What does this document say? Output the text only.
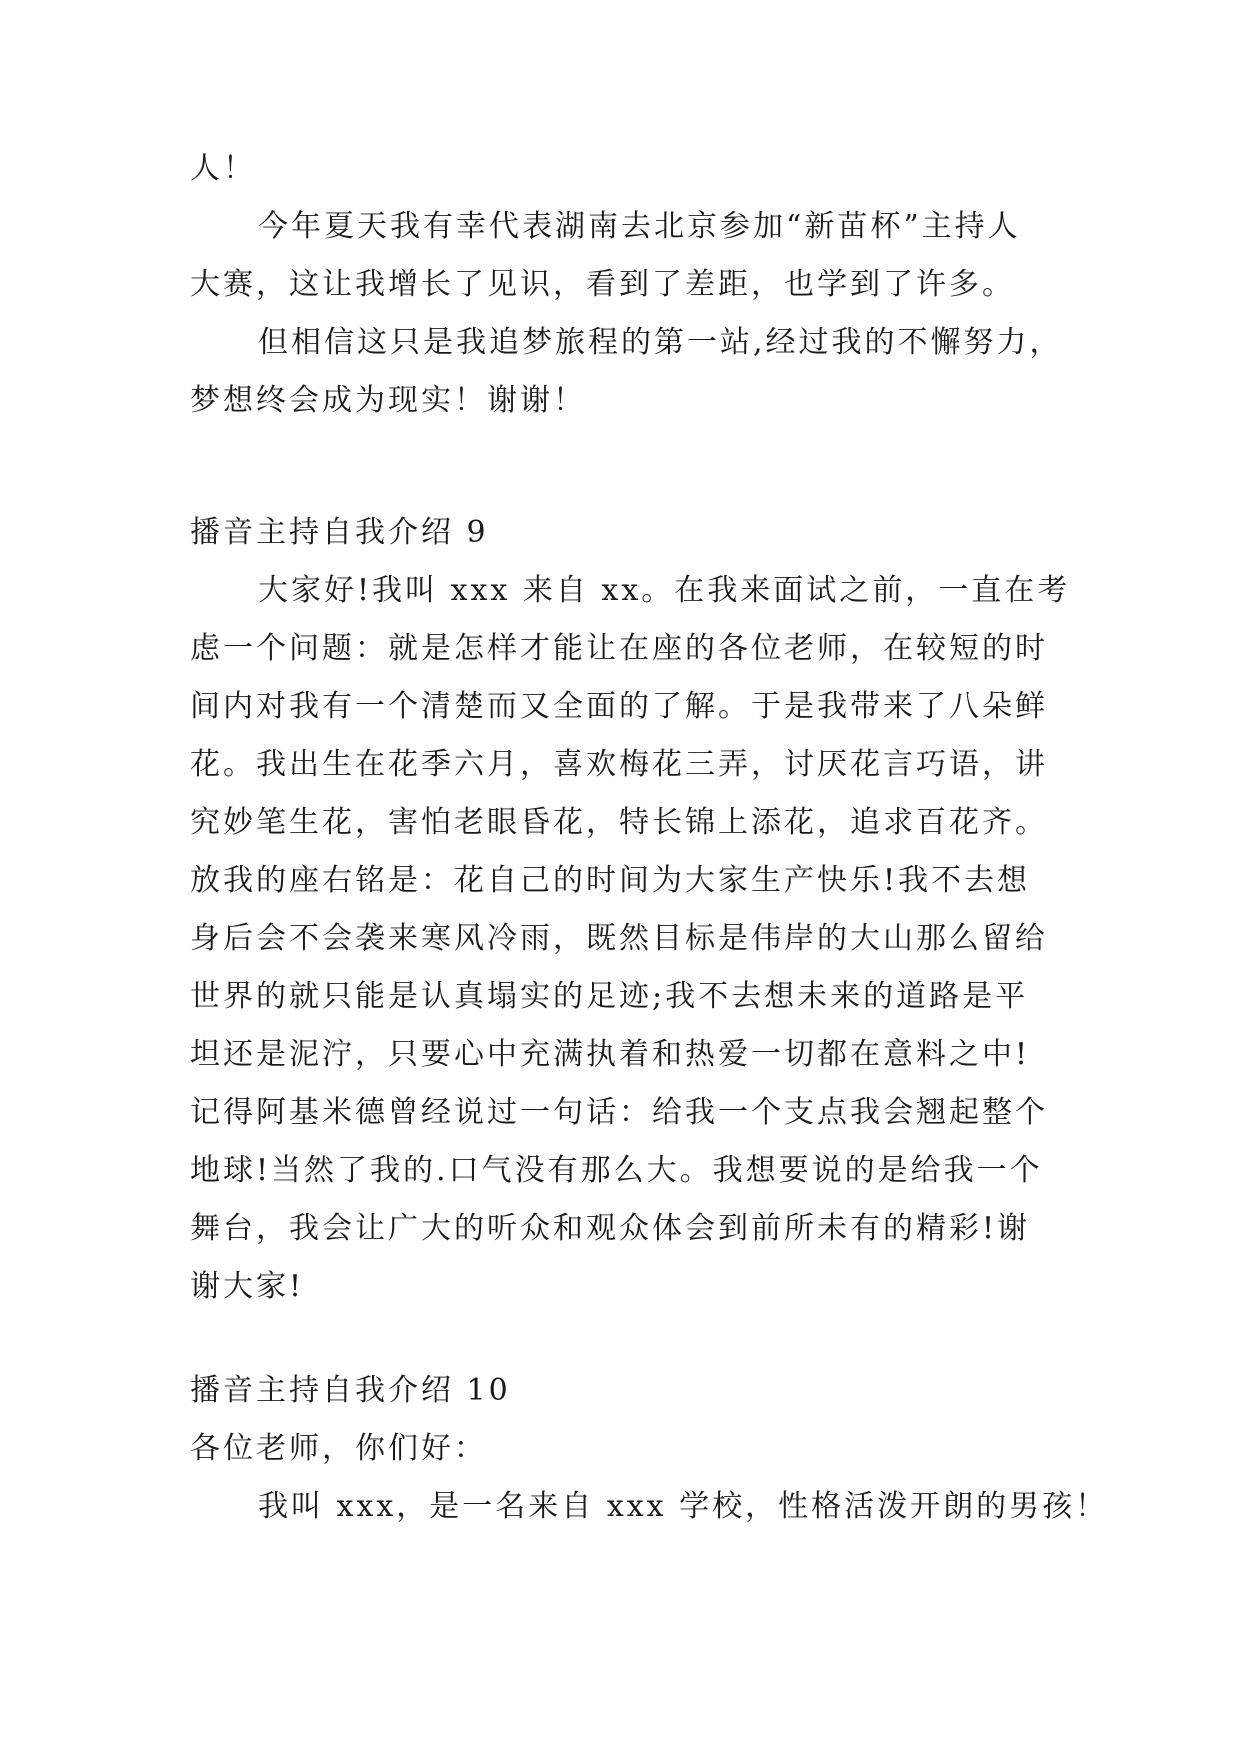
人！
今年夏天我有幸代表湖南去北京参加“新苗杯”主持人
大赛，这让我增长了见识，看到了差距，也学到了许多。
但相信这只是我追梦旅程的第一站,经过我的不懈努力，
梦想终会成为现实！谢谢！
播音主持自我介绍 9
大家好!我叫 xxx 来自 xx。在我来面试之前，一直在考
虑一个问题：就是怎样才能让在座的各位老师，在较短的时
间内对我有一个清楚而又全面的了解。于是我带来了八朵鲜
花。我出生在花季六月，喜欢梅花三弄，讨厌花言巧语，讲
究妙笔生花，害怕老眼昏花，特长锦上添花，追求百花齐。
放我的座右铭是：花自己的时间为大家生产快乐!我不去想
身后会不会袭来寒风冷雨，既然目标是伟岸的大山那么留给
世界的就只能是认真塌实的足迹;我不去想未来的道路是平
坦还是泥泞，只要心中充满执着和热爱一切都在意料之中!
记得阿基米德曾经说过一句话：给我一个支点我会翘起整个
地球!当然了我的.口气没有那么大。我想要说的是给我一个
舞台，我会让广大的听众和观众体会到前所未有的精彩!谢
谢大家!
播音主持自我介绍 10
各位老师，你们好：
我叫 xxx，是一名来自 xxx 学校，性格活泼开朗的男孩！
